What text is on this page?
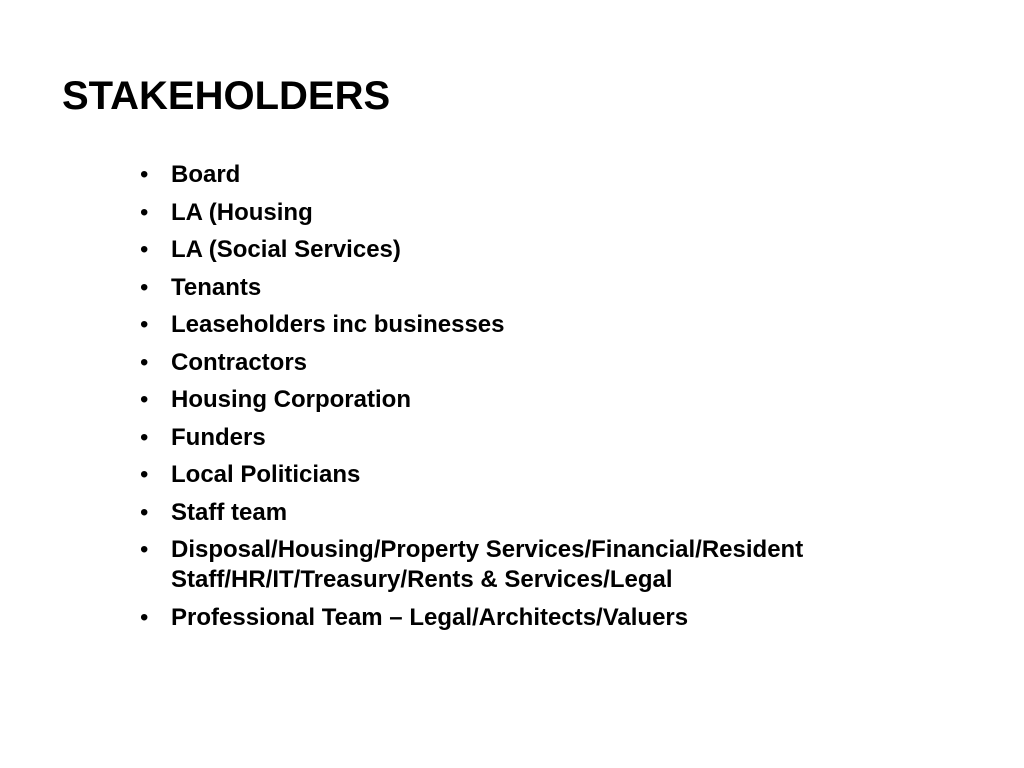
STAKEHOLDERS
• Board
• LA (Housing
• LA (Social Services)
• Tenants
• Leaseholders inc businesses
• Contractors
• Housing Corporation
• Funders
• Local Politicians
• Staff team
• Disposal/Housing/Property Services/Financial/Resident Staff/HR/IT/Treasury/Rents & Services/Legal
• Professional Team – Legal/Architects/Valuers
